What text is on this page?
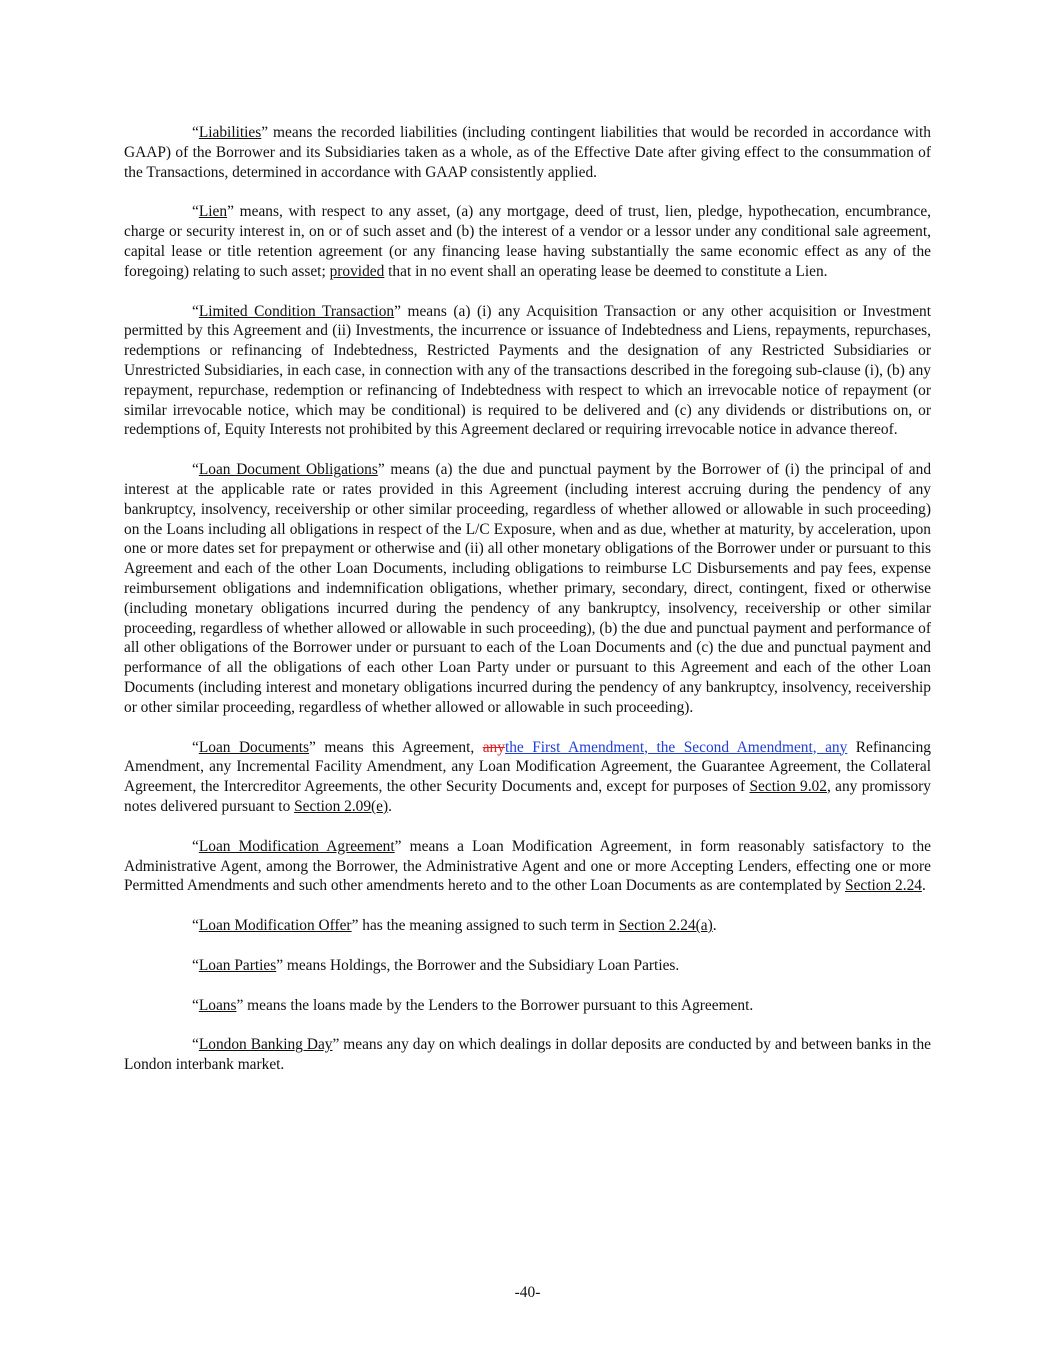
“Liabilities” means the recorded liabilities (including contingent liabilities that would be recorded in accordance with GAAP) of the Borrower and its Subsidiaries taken as a whole, as of the Effective Date after giving effect to the consummation of the Transactions, determined in accordance with GAAP consistently applied.

“Lien” means, with respect to any asset, (a) any mortgage, deed of trust, lien, pledge, hypothecation, encumbrance, charge or security interest in, on or of such asset and (b) the interest of a vendor or a lessor under any conditional sale agreement, capital lease or title retention agreement (or any financing lease having substantially the same economic effect as any of the foregoing) relating to such asset; provided that in no event shall an operating lease be deemed to constitute a Lien.

“Limited Condition Transaction” means (a) (i) any Acquisition Transaction or any other acquisition or Investment permitted by this Agreement and (ii) Investments, the incurrence or issuance of Indebtedness and Liens, repayments, repurchases, redemptions or refinancing of Indebtedness, Restricted Payments and the designation of any Restricted Subsidiaries or Unrestricted Subsidiaries, in each case, in connection with any of the transactions described in the foregoing sub-clause (i), (b) any repayment, repurchase, redemption or refinancing of Indebtedness with respect to which an irrevocable notice of repayment (or similar irrevocable notice, which may be conditional) is required to be delivered and (c) any dividends or distributions on, or redemptions of, Equity Interests not prohibited by this Agreement declared or requiring irrevocable notice in advance thereof.

“Loan Document Obligations” means (a) the due and punctual payment by the Borrower of (i) the principal of and interest at the applicable rate or rates provided in this Agreement (including interest accruing during the pendency of any bankruptcy, insolvency, receivership or other similar proceeding, regardless of whether allowed or allowable in such proceeding) on the Loans including all obligations in respect of the L/C Exposure, when and as due, whether at maturity, by acceleration, upon one or more dates set for prepayment or otherwise and (ii) all other monetary obligations of the Borrower under or pursuant to this Agreement and each of the other Loan Documents, including obligations to reimburse LC Disbursements and pay fees, expense reimbursement obligations and indemnification obligations, whether primary, secondary, direct, contingent, fixed or otherwise (including monetary obligations incurred during the pendency of any bankruptcy, insolvency, receivership or other similar proceeding, regardless of whether allowed or allowable in such proceeding), (b) the due and punctual payment and performance of all other obligations of the Borrower under or pursuant to each of the Loan Documents and (c) the due and punctual payment and performance of all the obligations of each other Loan Party under or pursuant to this Agreement and each of the other Loan Documents (including interest and monetary obligations incurred during the pendency of any bankruptcy, insolvency, receivership or other similar proceeding, regardless of whether allowed or allowable in such proceeding).

“Loan Documents” means this Agreement, anythe First Amendment, the Second Amendment, any Refinancing Amendment, any Incremental Facility Amendment, any Loan Modification Agreement, the Guarantee Agreement, the Collateral Agreement, the Intercreditor Agreements, the other Security Documents and, except for purposes of Section 9.02, any promissory notes delivered pursuant to Section 2.09(e).

“Loan Modification Agreement” means a Loan Modification Agreement, in form reasonably satisfactory to the Administrative Agent, among the Borrower, the Administrative Agent and one or more Accepting Lenders, effecting one or more Permitted Amendments and such other amendments hereto and to the other Loan Documents as are contemplated by Section 2.24.

“Loan Modification Offer” has the meaning assigned to such term in Section 2.24(a).

“Loan Parties” means Holdings, the Borrower and the Subsidiary Loan Parties.

“Loans” means the loans made by the Lenders to the Borrower pursuant to this Agreement.

“London Banking Day” means any day on which dealings in dollar deposits are conducted by and between banks in the London interbank market.

-40-
